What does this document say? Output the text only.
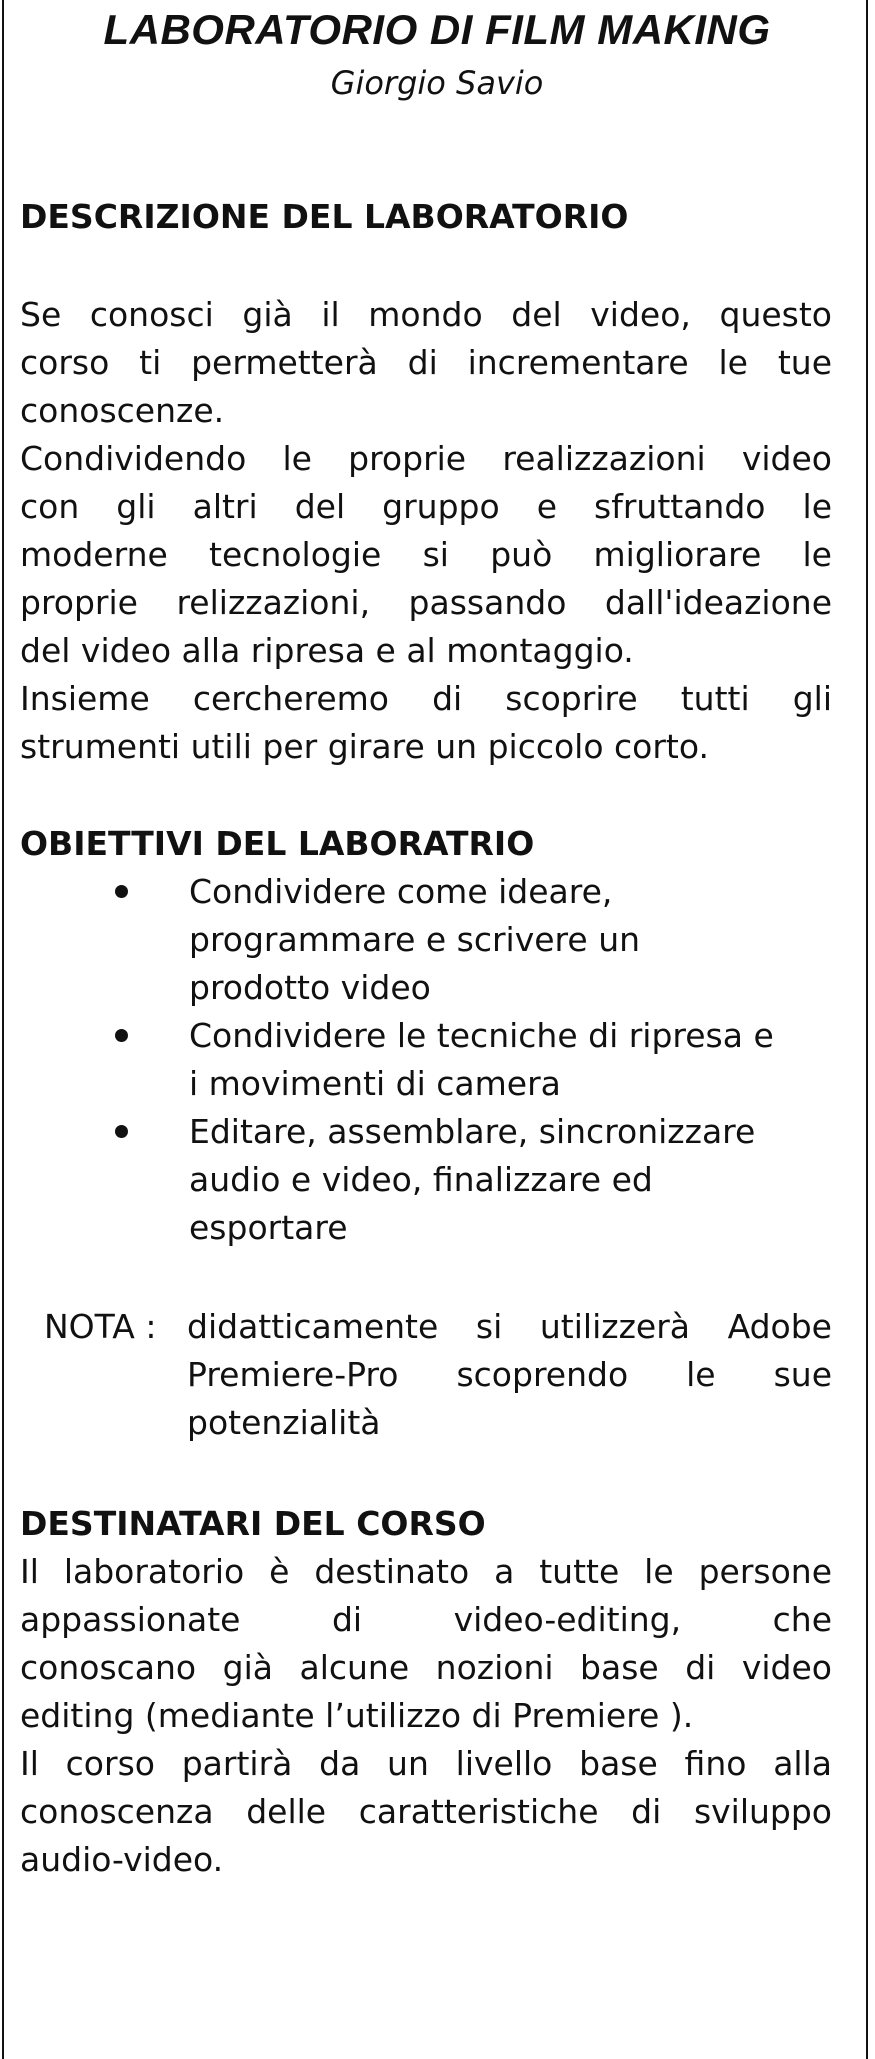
LABORATORIO DI FILM MAKING

Giorgio Savio

DESCRIZIONE DEL LABORATORIO
Se conosci già il mondo del video, questo
corso ti permetterà di incrementare le tue
conoscenze.
Condividendo le proprie realizzazioni video
con gli altri del gruppo e sfruttando le
moderne tecnologie si può migliorare le
proprie relizzazioni, passando dall'ideazione
del video alla ripresa e al montaggio.
Insieme cercheremo di scoprire tutti gli
strumenti utili per girare un piccolo corto.
OBIETTIVI DEL LABORATRIO
Condividere come ideare,
programmare e scrivere un
prodotto video
Condividere le tecniche di ripresa e
i movimenti di camera
Editare, assemblare, sincronizzare
audio e video, finalizzare ed
esportare

NOTA : didatticamente si utilizzerà Adobe
Premiere-Pro scoprendo le sue
potenzialità
DESTINATARI DEL CORSO
Il laboratorio è destinato a tutte le persone
appassionate di video-editing, che
conoscano già alcune nozioni base di video
editing (mediante l’utilizzo di Premiere ).
Il corso partirà da un livello base fino alla
conoscenza delle caratteristiche di sviluppo
audio-video.
